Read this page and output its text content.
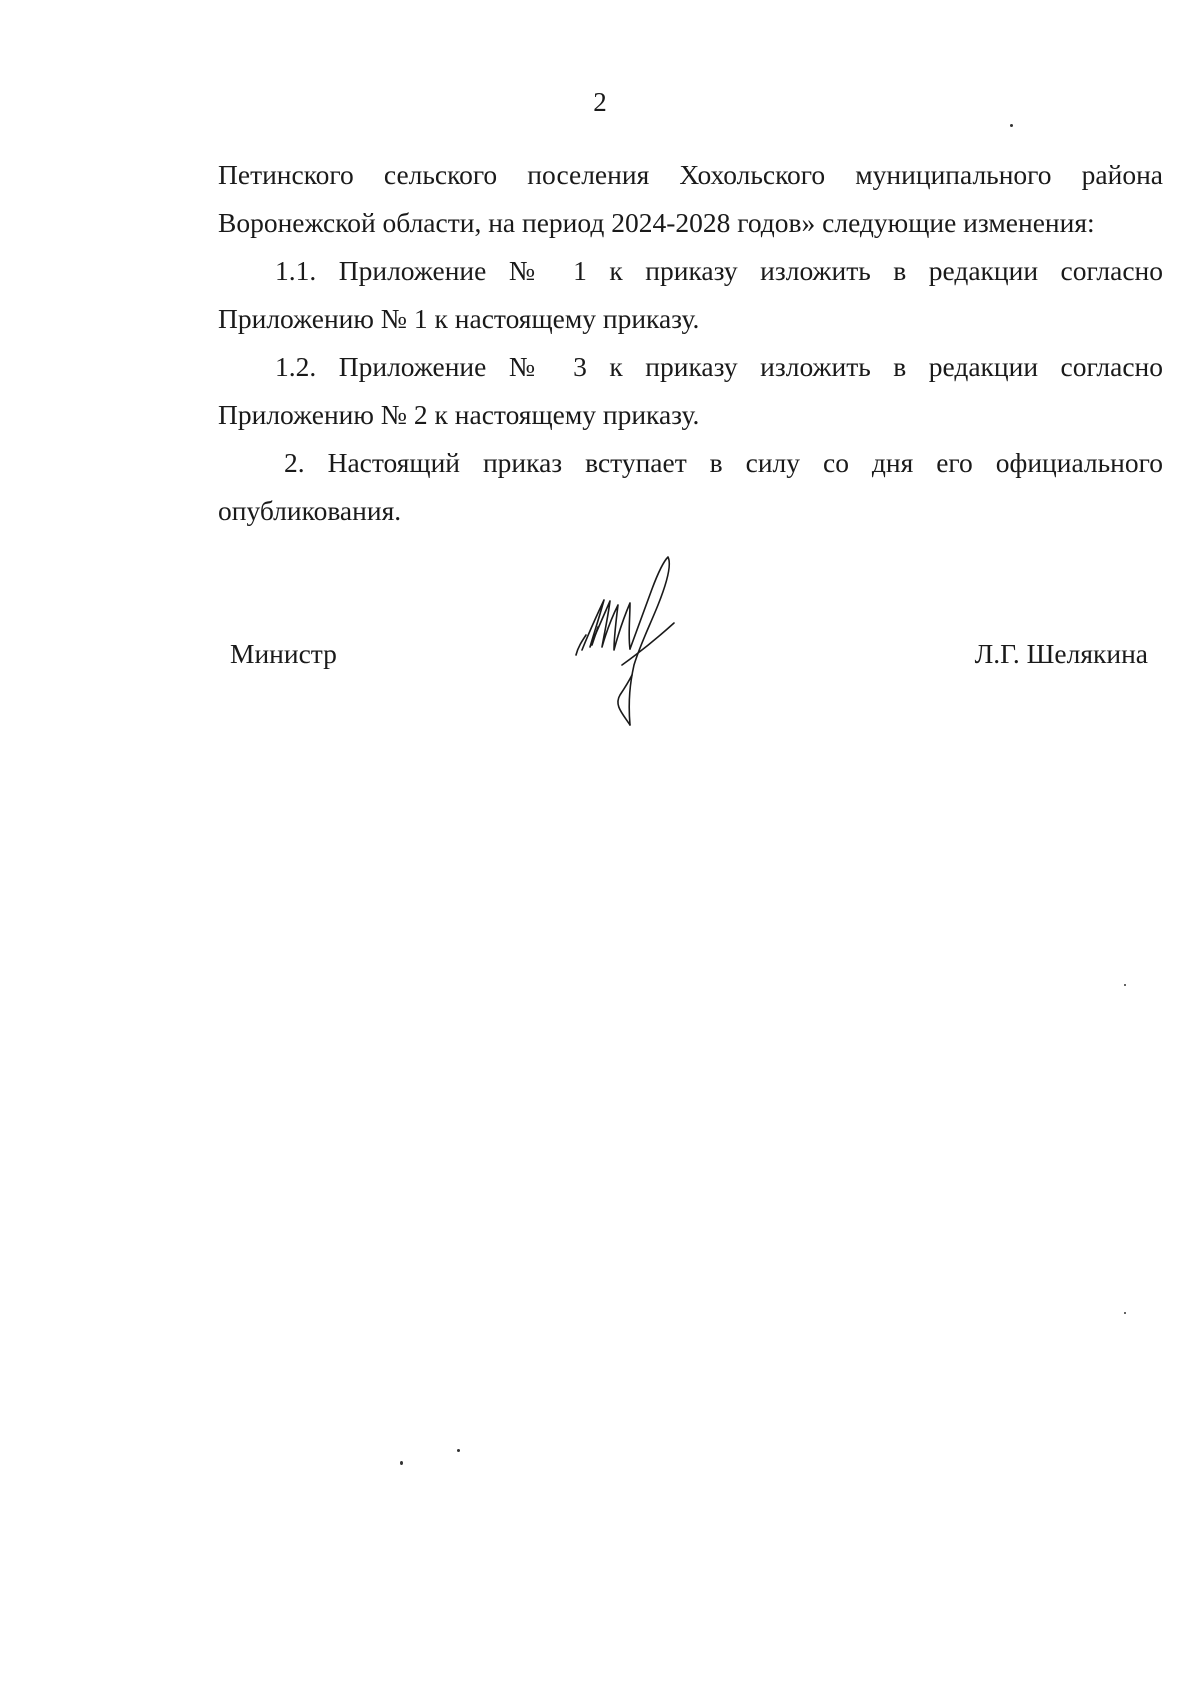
2

Петинского сельского поселения Хохольского муниципального района Воронежской области, на период 2024-2028 годов» следующие изменения:

1.1. Приложение № 1 к приказу изложить в редакции согласно Приложению № 1 к настоящему приказу.

1.2. Приложение № 3 к приказу изложить в редакции согласно Приложению № 2 к настоящему приказу.

2. Настоящий приказ вступает в силу со дня его официального опубликования.

Министр	Л.Г. Шелякина
